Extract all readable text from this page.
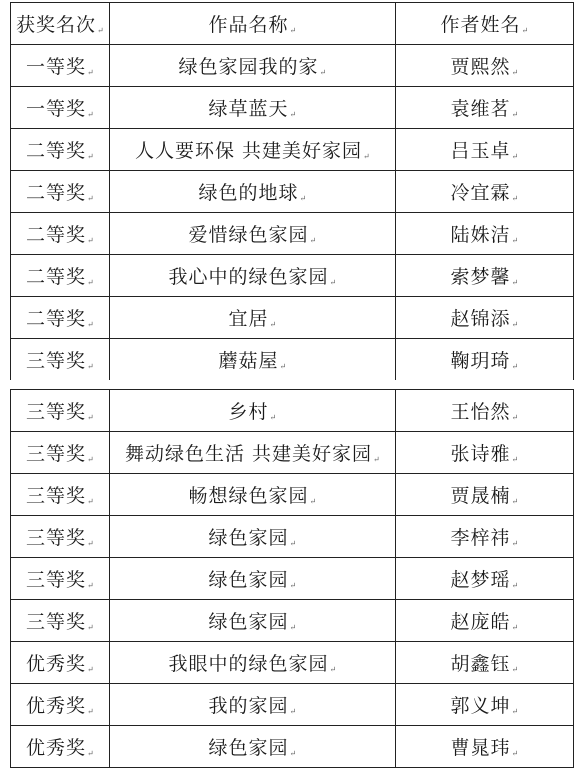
获奖名次↵	作品名称↵	作者姓名↵
一等奖↵	绿色家园我的家↵	贾熙然↵
一等奖↵	绿草蓝天↵	袁维茗↵
二等奖↵	人人要环保 共建美好家园↵	吕玉卓↵
二等奖↵	绿色的地球↵	冷宜霖↵
二等奖↵	爱惜绿色家园↵	陆姝洁↵
二等奖↵	我心中的绿色家园↵	索梦馨↵
二等奖↵	宜居↵	赵锦添↵
三等奖↵	蘑菇屋↵	鞠玥琦↵
三等奖↵	乡村↵	王怡然↵
三等奖↵	舞动绿色生活 共建美好家园↵	张诗雅↵
三等奖↵	畅想绿色家园↵	贾晟楠↵
三等奖↵	绿色家园↵	李梓祎↵
三等奖↵	绿色家园↵	赵梦瑶↵
三等奖↵	绿色家园↵	赵庞皓↵
优秀奖↵	我眼中的绿色家园↵	胡鑫钰↵
优秀奖↵	我的家园↵	郭义坤↵
优秀奖↵	绿色家园↵	曹晁玮↵
